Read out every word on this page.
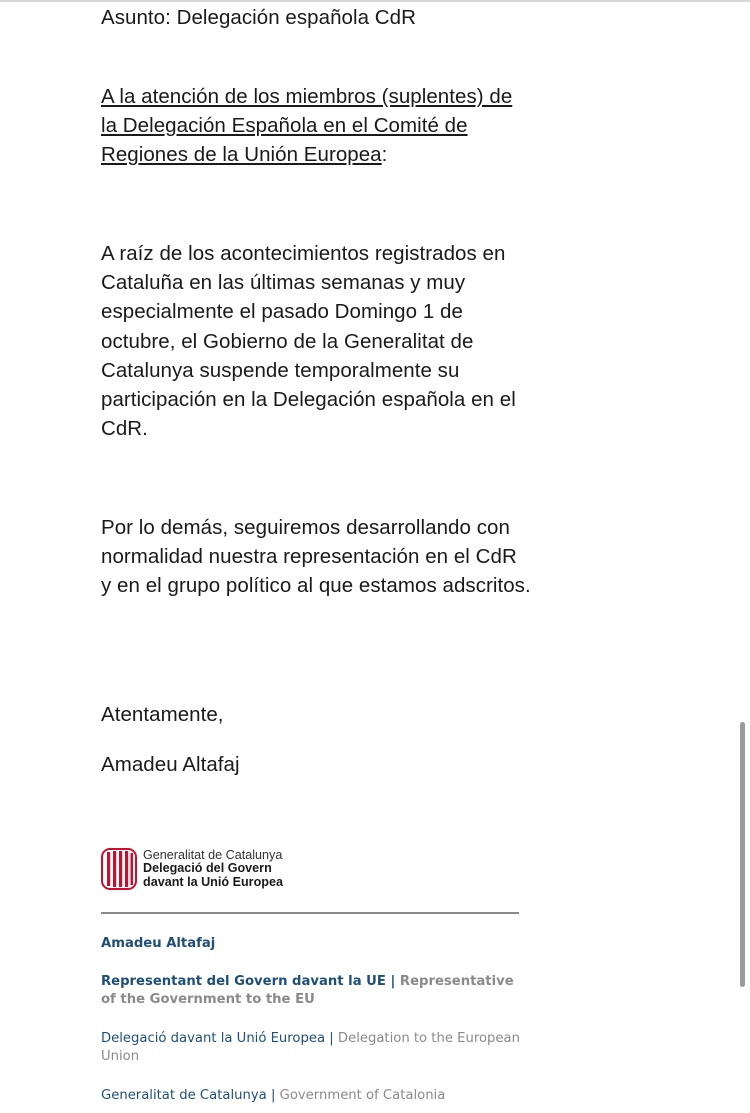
Asunto: Delegación española CdR

A la atención de los miembros (suplentes) de la Delegación Española en el Comité de Regiones de la Unión Europea:

A raíz de los acontecimientos registrados en Cataluña en las últimas semanas y muy especialmente el pasado Domingo 1 de octubre, el Gobierno de la Generalitat de Catalunya suspende temporalmente su participación en la Delegación española en el CdR.

Por lo demás, seguiremos desarrollando con normalidad nuestra representación en el CdR y en el grupo político al que estamos adscritos.

Atentamente,

Amadeu Altafaj

Generalitat de Catalunya
Delegació del Govern
davant la Unió Europea
Amadeu Altafaj
Representant del Govern davant la UE | Representative of the Government to the EU
Delegació davant la Unió Europea | Delegation to the European Union
Generalitat de Catalunya | Government of Catalonia
